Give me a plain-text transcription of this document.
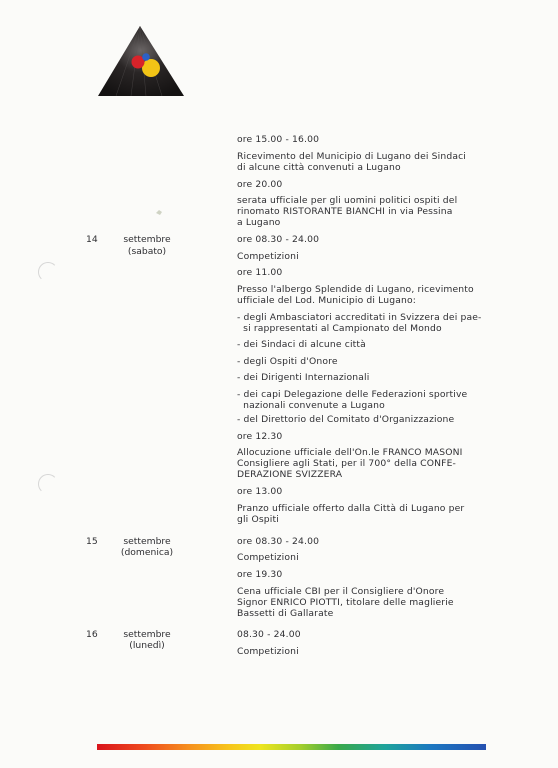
ore 15.00 - 16.00
Ricevimento del Municipio di Lugano dei Sindaci
di alcune città convenuti a Lugano
ore 20.00
serata ufficiale per gli uomini politici ospiti del
rinomato RISTORANTE BIANCHI in via Pessina
a Lugano
14	settembre
(sabato)
ore 08.30 - 24.00
Competizioni
ore 11.00
Presso l'albergo Splendide di Lugano, ricevimento
ufficiale del Lod. Municipio di Lugano:
- degli Ambasciatori accreditati in Svizzera dei pae-
si rappresentati al Campionato del Mondo
- dei Sindaci di alcune città
- degli Ospiti d'Onore
- dei Dirigenti Internazionali
- dei capi Delegazione delle Federazioni sportive
nazionali convenute a Lugano
- del Direttorio del Comitato d'Organizzazione
ore 12.30
Allocuzione ufficiale dell'On.le FRANCO MASONI
Consigliere agli Stati, per il 700° della CONFE-
DERAZIONE SVIZZERA
ore 13.00
Pranzo ufficiale offerto dalla Città di Lugano per
gli Ospiti
15	settembre
(domenica)
ore 08.30 - 24.00
Competizioni
ore 19.30
Cena ufficiale CBI per il Consigliere d'Onore
Signor ENRICO PIOTTI, titolare delle maglierie
Bassetti di Gallarate
16	settembre
(lunedì)
08.30 - 24.00
Competizioni
